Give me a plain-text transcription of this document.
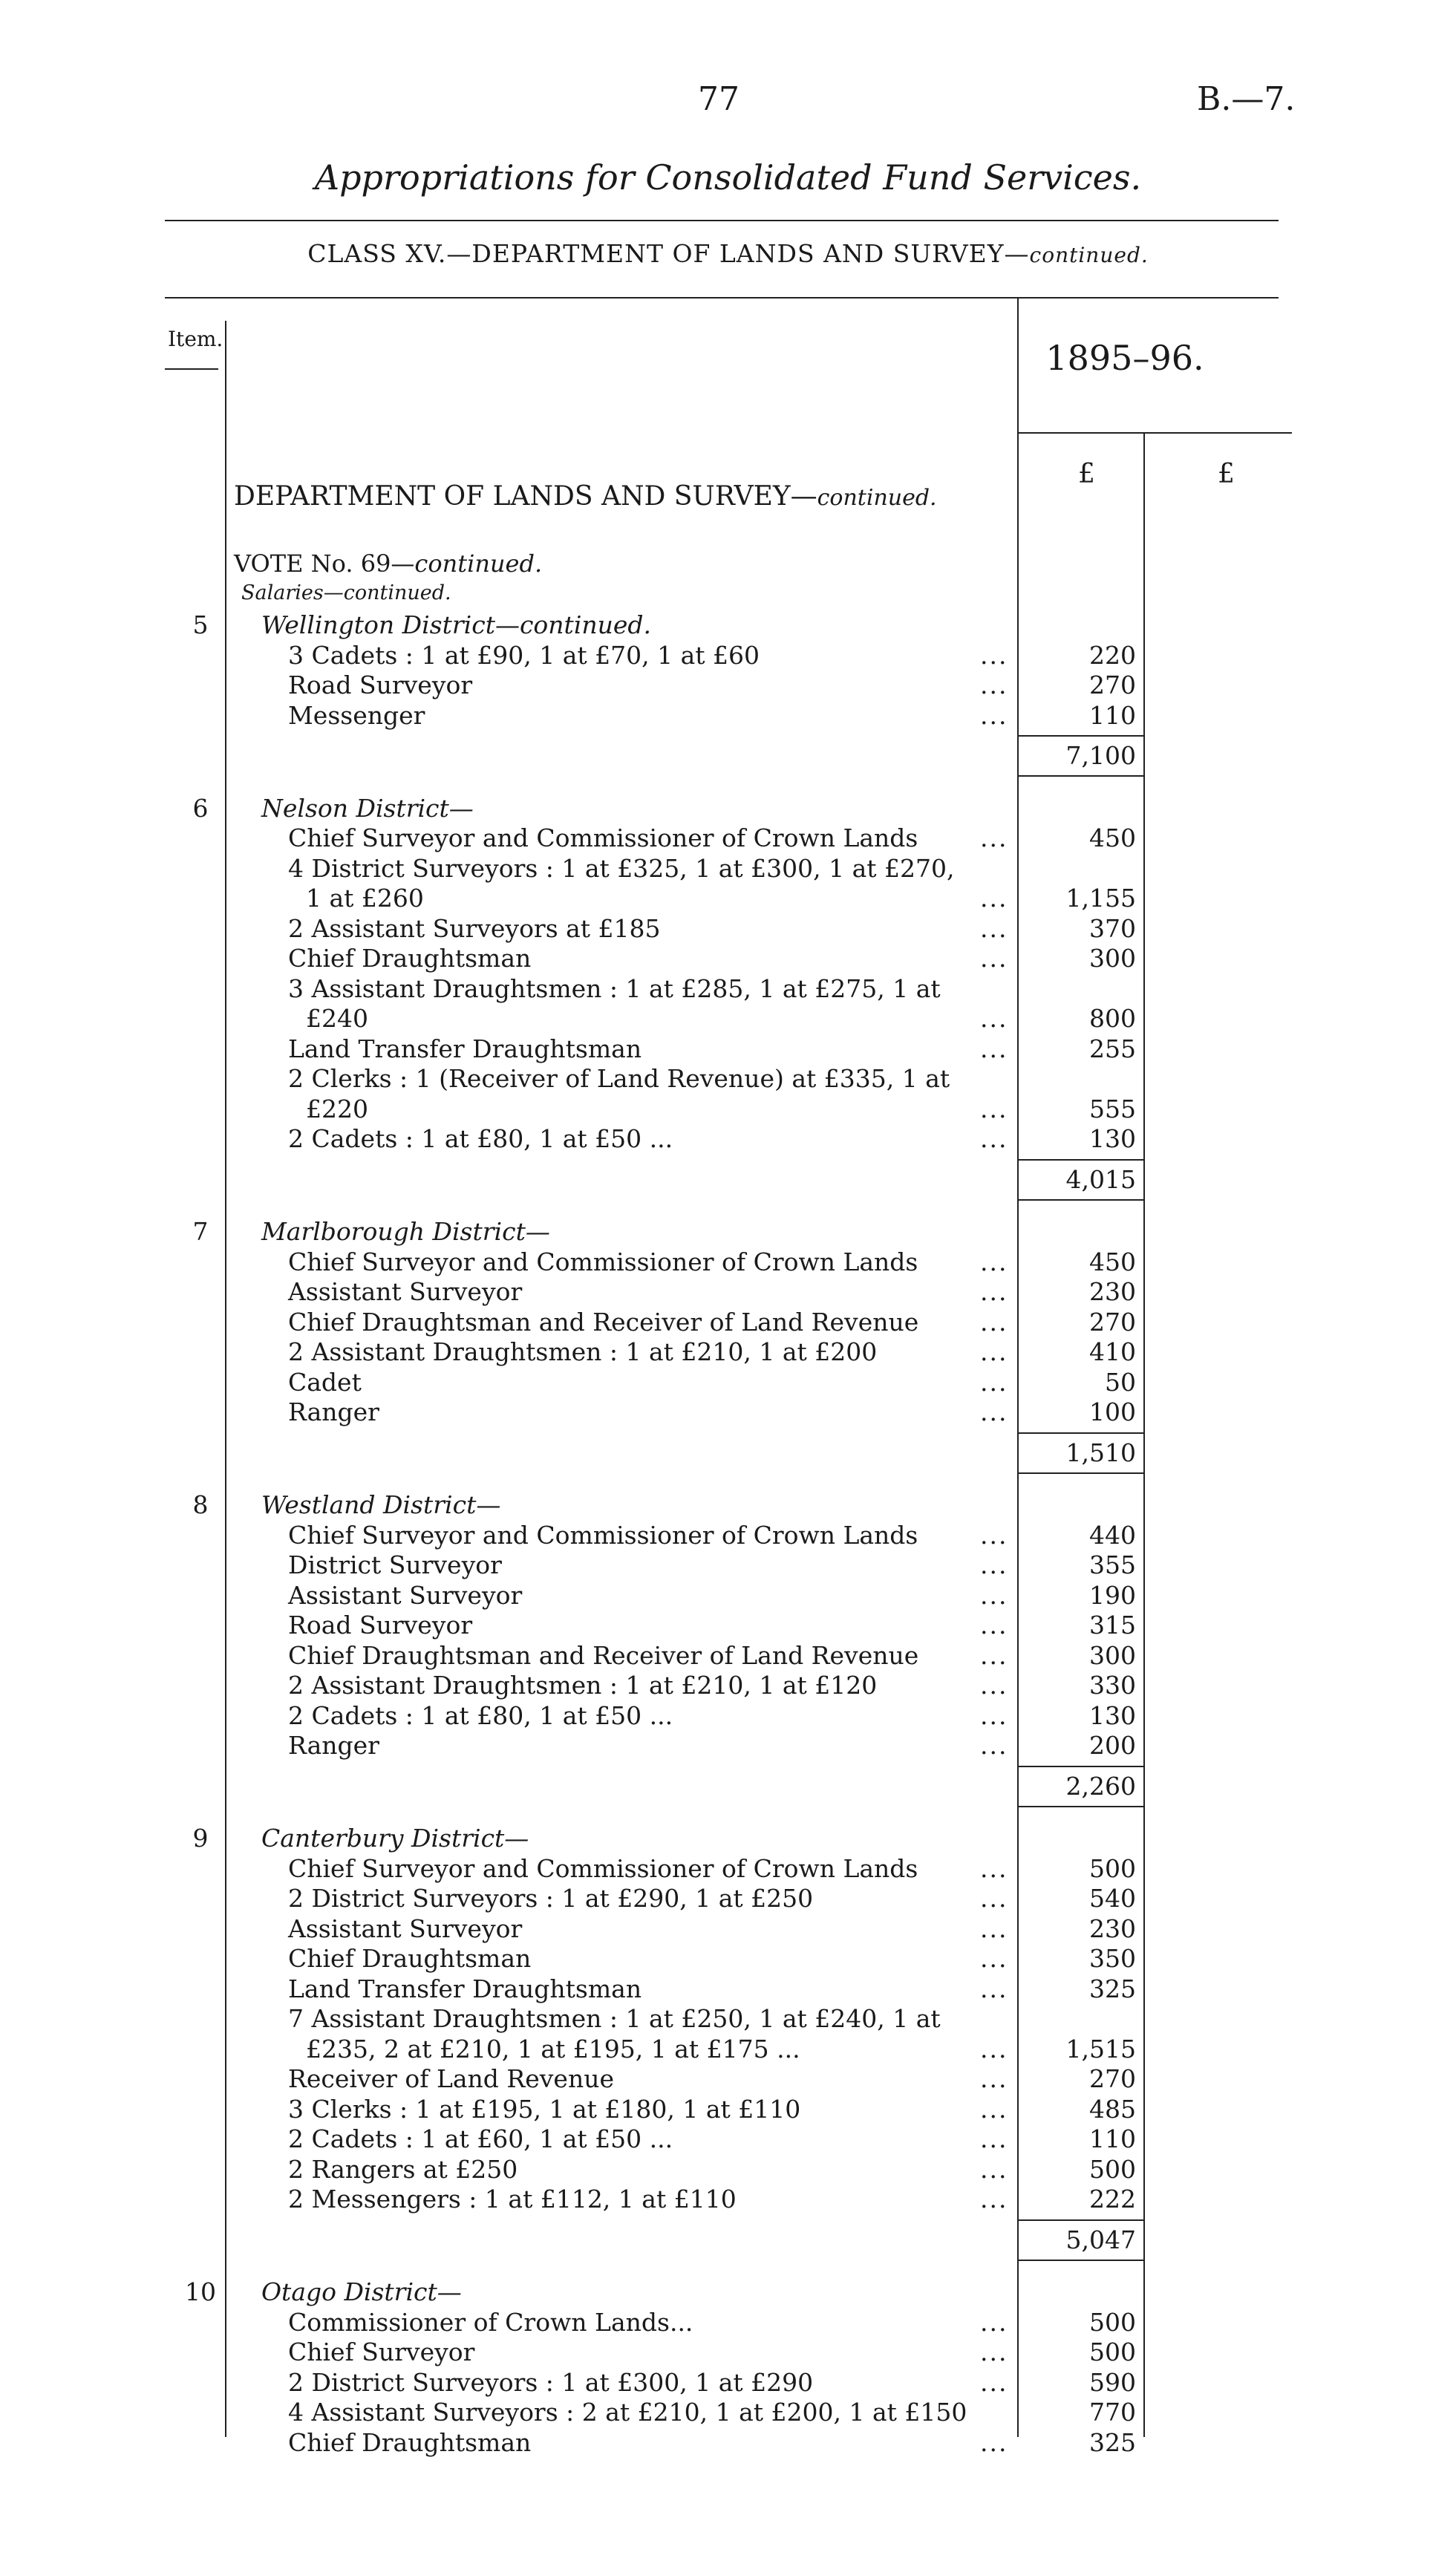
77	B.—7.
Appropriations for Consolidated Fund Services.
CLASS XV.—DEPARTMENT OF LANDS AND SURVEY—continued.
Item.	1895–96.
£	£
DEPARTMENT OF LANDS AND SURVEY—continued.
VOTE No. 69—continued.
Salaries—continued.
5	Wellington District—continued.
3 Cadets : 1 at £90, 1 at £70, 1 at £60	...	220
Road Surveyor	...	270
Messenger	...	110
7,100
6	Nelson District—
Chief Surveyor and Commissioner of Crown Lands	...	450
4 District Surveyors : 1 at £325, 1 at £300, 1 at £270,
1 at £260	...	1,155
2 Assistant Surveyors at £185	...	370
Chief Draughtsman	...	300
3 Assistant Draughtsmen : 1 at £285, 1 at £275, 1 at
£240	...	800
Land Transfer Draughtsman	...	255
2 Clerks : 1 (Receiver of Land Revenue) at £335, 1 at
£220	...	555
2 Cadets : 1 at £80, 1 at £50 ...	...	130
4,015
7	Marlborough District—
Chief Surveyor and Commissioner of Crown Lands	...	450
Assistant Surveyor	...	230
Chief Draughtsman and Receiver of Land Revenue	...	270
2 Assistant Draughtsmen : 1 at £210, 1 at £200	...	410
Cadet	...	50
Ranger	...	100
1,510
8	Westland District—
Chief Surveyor and Commissioner of Crown Lands	...	440
District Surveyor	...	355
Assistant Surveyor	...	190
Road Surveyor	...	315
Chief Draughtsman and Receiver of Land Revenue	...	300
2 Assistant Draughtsmen : 1 at £210, 1 at £120	...	330
2 Cadets : 1 at £80, 1 at £50 ...	...	130
Ranger	...	200
2,260
9	Canterbury District—
Chief Surveyor and Commissioner of Crown Lands	...	500
2 District Surveyors : 1 at £290, 1 at £250	...	540
Assistant Surveyor	...	230
Chief Draughtsman	...	350
Land Transfer Draughtsman	...	325
7 Assistant Draughtsmen : 1 at £250, 1 at £240, 1 at
£235, 2 at £210, 1 at £195, 1 at £175 ...	...	1,515
Receiver of Land Revenue	...	270
3 Clerks : 1 at £195, 1 at £180, 1 at £110	...	485
2 Cadets : 1 at £60, 1 at £50 ...	...	110
2 Rangers at £250	...	500
2 Messengers : 1 at £112, 1 at £110	...	222
5,047
10	Otago District—
Commissioner of Crown Lands...	...	500
Chief Surveyor	...	500
2 District Surveyors : 1 at £300, 1 at £290	...	590
4 Assistant Surveyors : 2 at £210, 1 at £200, 1 at £150	770
Chief Draughtsman	...	325
